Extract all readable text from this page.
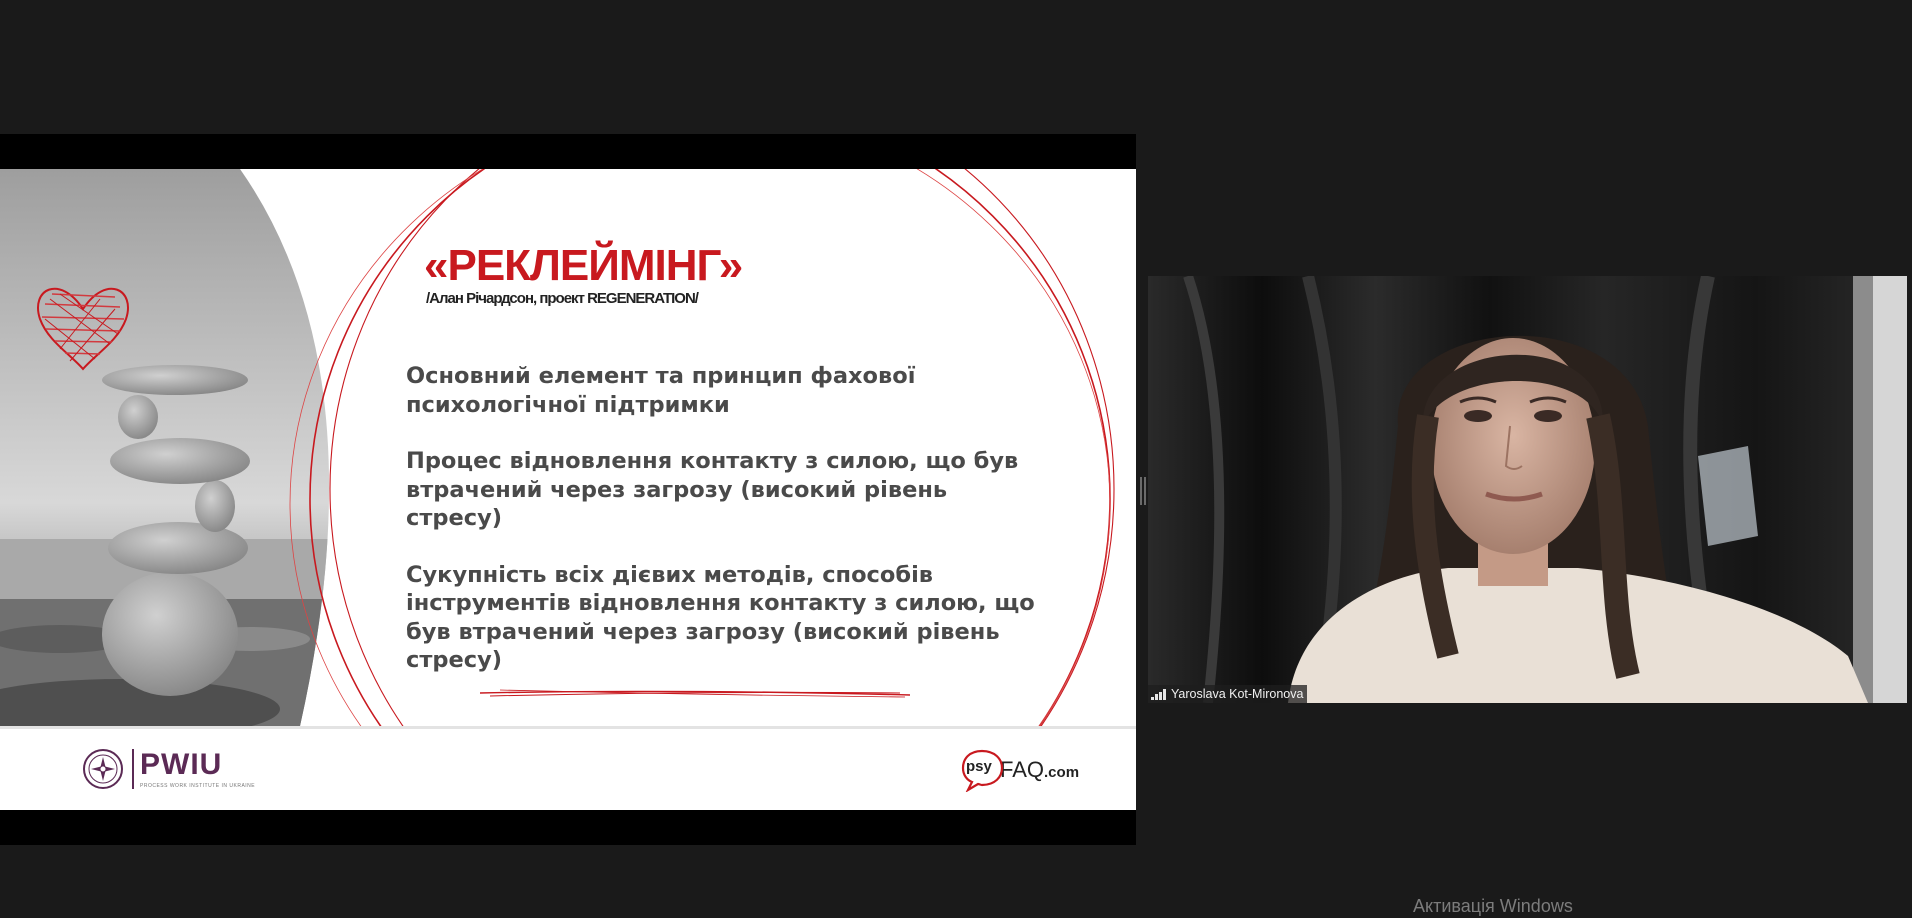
«РЕКЛЕЙМІНГ»
/Алан Річардсон, проект REGENERATION/

Основний елемент та принцип фахової
психологічної підтримки

Процес відновлення контакту з силою, що був
втрачений через загрозу (високий рівень
стресу)

Сукупність всіх дієвих методів, способів
інструментів відновлення контакту з силою, що
був втрачений через загрозу (високий рівень
стресу)

PWIU
PROCESS WORK INSTITUTE IN UKRAINE
psy FAQ.com
Yaroslava Kot-Mironova
Активація Windows
